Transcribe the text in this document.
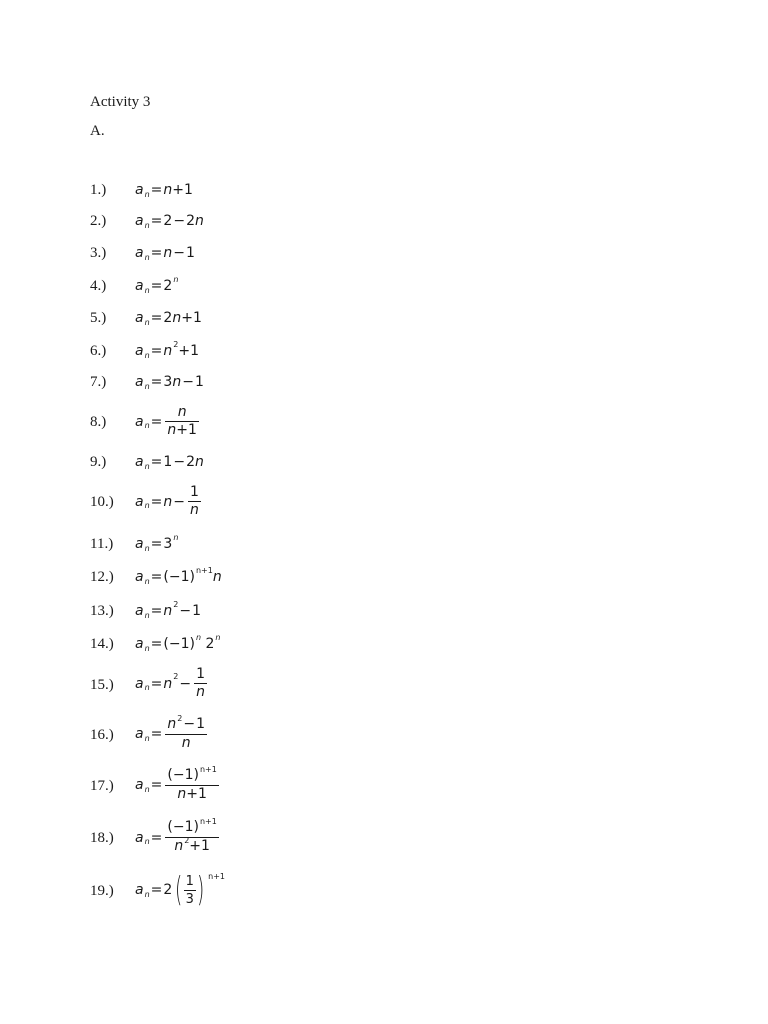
Activity 3
A.
1.) a n = n + 1
2.) a n = 2 − 2 n
3.) a n = n − 1
4.) a n = 2 n
5.) a n = 2 n + 1
6.) a n = n 2 + 1
7.) a n = 3 n − 1
8.) a $n = \frac{n}{n+1}$
9.) a n = 1 − 2 n
10.) a $n = n - \frac{1}{n}$
11.) a n = 3 n
12.) a n = (−1) n+1 n
13.) a n = n 2 − 1
14.) a n = (−1) n
2 n
15.) a n = n $2 - \frac{1}{n}$
16.) a $n = \frac{n^2-1}{n}$
17.) a $n = \frac{(-1)^{n+1}}{n+1}$
18.) a $n = \frac{(-1)^{n+1}}{n^2+1}$
19.) a n = 2 ( $\frac{1}{3}$ ) n+1
